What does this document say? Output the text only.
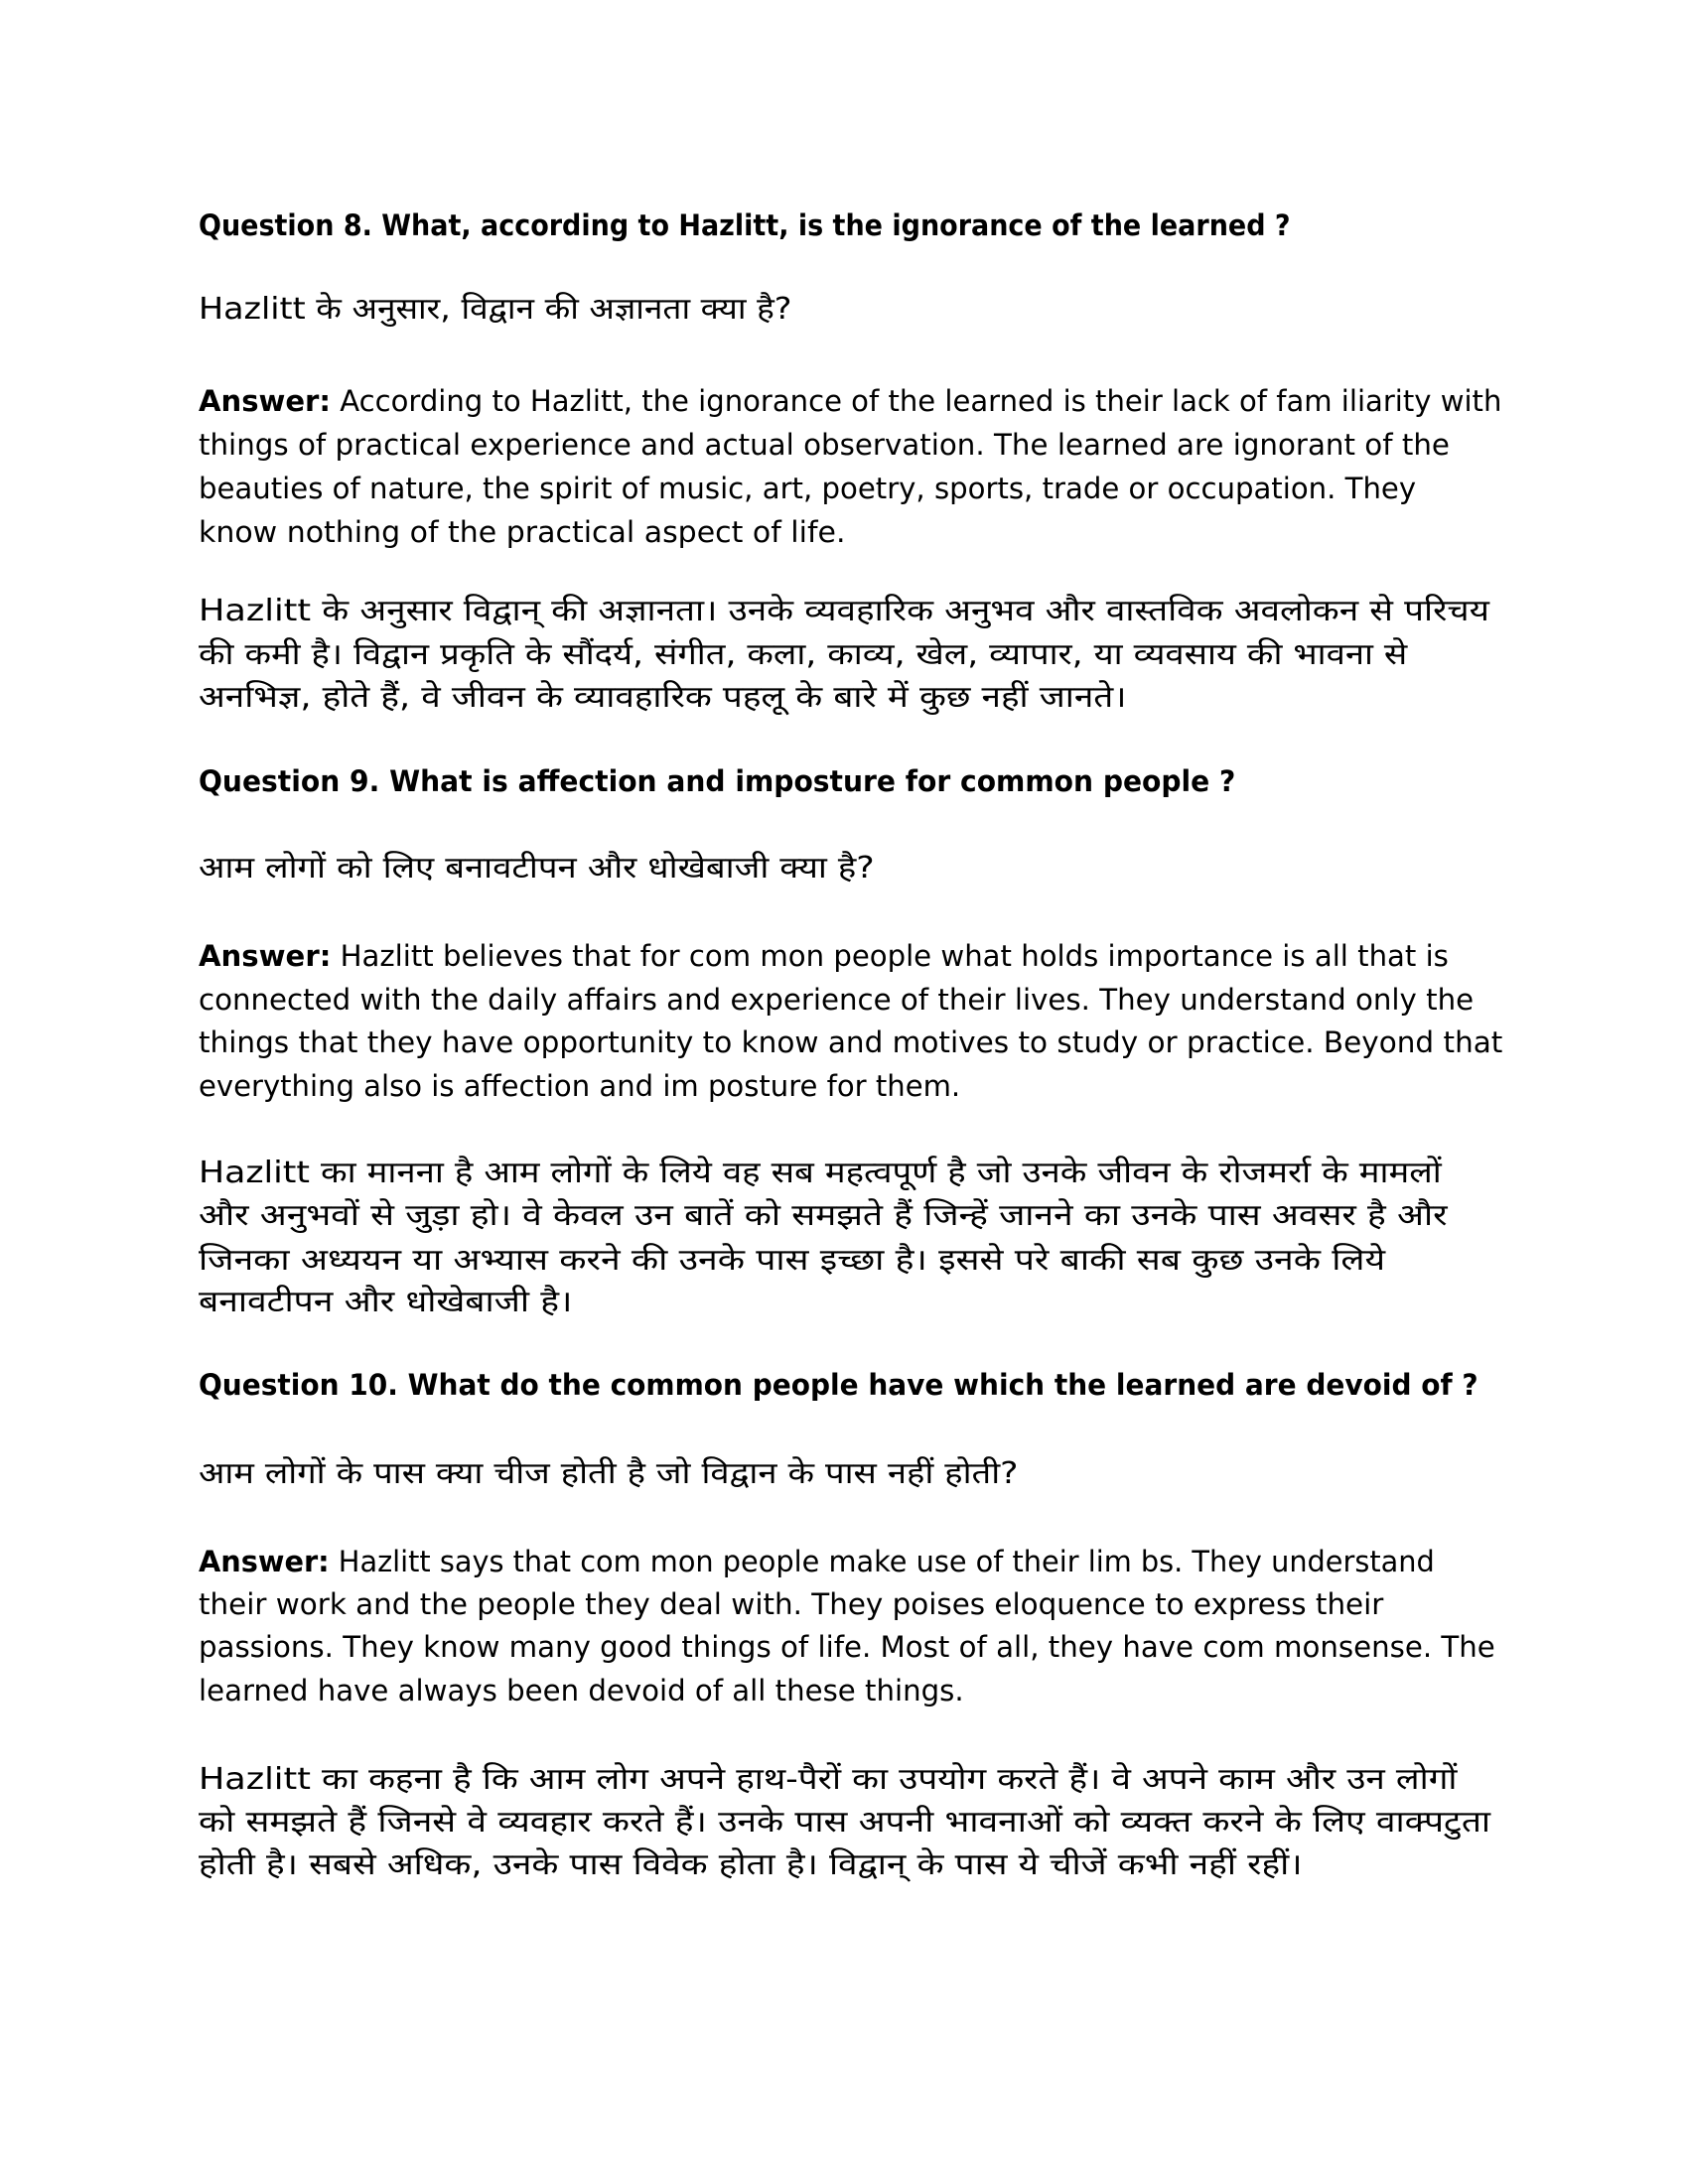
Question 8. What, according to Hazlitt, is the ignorance of the learned ?
Hazlitt के अनुसार, विद्वान की अज्ञानता क्या है?
Answer: According to Hazlitt, the ignorance of the learned is their lack of fam iliarity with
things of practical experience and actual observation. The learned are ignorant of the
beauties of nature, the spirit of music, art, poetry, sports, trade or occupation. They
know nothing of the practical aspect of life.
Hazlitt के अनुसार विद्वान् की अज्ञानता। उनके व्यवहारिक अनुभव और वास्तविक अवलोकन से परिचय
की कमी है। विद्वान प्रकृति के सौंदर्य, संगीत, कला, काव्य, खेल, व्यापार, या व्यवसाय की भावना से
अनभिज्ञ, होते हैं, वे जीवन के व्यावहारिक पहलू के बारे में कुछ नहीं जानते।
Question 9. What is affection and imposture for common people ?
आम लोगों को लिए बनावटीपन और धोखेबाजी क्या है?
Answer: Hazlitt believes that for com mon people what holds importance is all that is
connected with the daily affairs and experience of their lives. They understand only the
things that they have opportunity to know and motives to study or practice. Beyond that
everything also is affection and im posture for them.
Hazlitt का मानना है आम लोगों के लिये वह सब महत्वपूर्ण है जो उनके जीवन के रोजमर्रा के मामलों
और अनुभवों से जुड़ा हो। वे केवल उन बातें को समझते हैं जिन्हें जानने का उनके पास अवसर है और
जिनका अध्ययन या अभ्यास करने की उनके पास इच्छा है। इससे परे बाकी सब कुछ उनके लिये
बनावटीपन और धोखेबाजी है।
Question 10. What do the common people have which the learned are devoid of ?
आम लोगों के पास क्या चीज होती है जो विद्वान के पास नहीं होती?
Answer: Hazlitt says that com mon people make use of their lim bs. They understand
their work and the people they deal with. They poises eloquence to express their
passions. They know many good things of life. Most of all, they have com monsense. The
learned have always been devoid of all these things.
Hazlitt का कहना है कि आम लोग अपने हाथ-पैरों का उपयोग करते हैं। वे अपने काम और उन लोगों
को समझते हैं जिनसे वे व्यवहार करते हैं। उनके पास अपनी भावनाओं को व्यक्त करने के लिए वाक्पटुता
होती है। सबसे अधिक, उनके पास विवेक होता है। विद्वान् के पास ये चीजें कभी नहीं रहीं।
